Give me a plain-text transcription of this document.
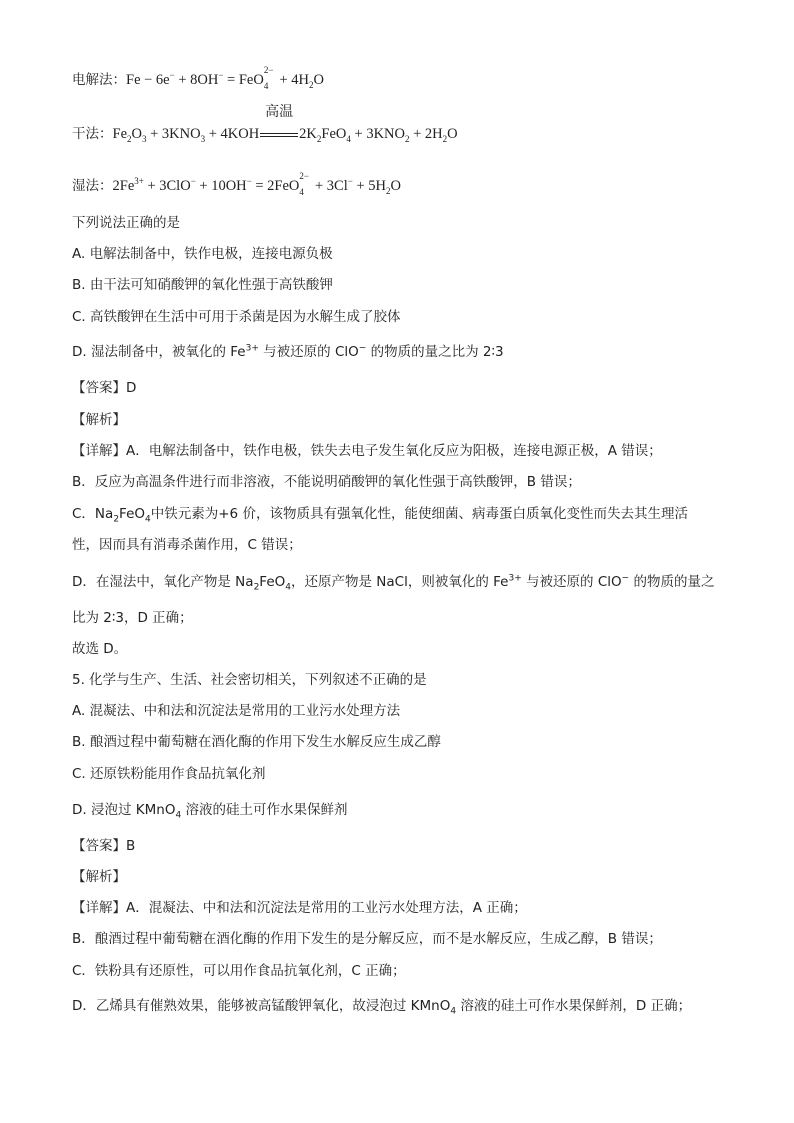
电解法：Fe − 6e− + 8OH− = FeO
2−
$4 + 4H_2O$
干法：$Fe_2O_3 + 3KNO_3 + 4KOH$
高温
$2K_2FeO_4 + 3KNO_2 + 2H_2O$
湿法：$2Fe^{3+} + 3ClO^- + 10OH^- = 2FeO$
2−
$4 + 3Cl^- + 5H_2O$
下列说法正确的是
A. 电解法制备中，铁作电极，连接电源负极
B. 由干法可知硝酸钾的氧化性强于高铁酸钾
C. 高铁酸钾在生活中可用于杀菌是因为水解生成了胶体
D. 湿法制备中，被氧化的 $Fe^{3+}$ 与被还原的 ClO− 的物质的量之比为 2∶3
【答案】D
【解析】
【详解】A．电解法制备中，铁作电极，铁失去电子发生氧化反应为阳极，连接电源正极，A 错误；
B．反应为高温条件进行而非溶液，不能说明硝酸钾的氧化性强于高铁酸钾，B 错误；
C．$Na_2FeO_4$中铁元素为+6 价，该物质具有强氧化性，能使细菌、病毒蛋白质氧化变性而失去其生理活
性，因而具有消毒杀菌作用，C 错误；
D．在湿法中，氧化产物是 $Na_2FeO_4$，还原产物是 NaCl，则被氧化的 $Fe^{3+}$ 与被还原的 ClO− 的物质的量之
比为 2∶3，D 正确；
故选 D。
5. 化学与生产、生活、社会密切相关，下列叙述不正确的是
A. 混凝法、中和法和沉淀法是常用的工业污水处理方法
B. 酿酒过程中葡萄糖在酒化酶的作用下发生水解反应生成乙醇
C. 还原铁粉能用作食品抗氧化剂
D. 浸泡过 KMnO$_4$ 溶液的硅土可作水果保鲜剂
【答案】B
【解析】
【详解】A．混凝法、中和法和沉淀法是常用的工业污水处理方法，A 正确；
B．酿酒过程中葡萄糖在酒化酶的作用下发生的是分解反应，而不是水解反应，生成乙醇，B 错误；
C．铁粉具有还原性，可以用作食品抗氧化剂，C 正确；
D．乙烯具有催熟效果，能够被高锰酸钾氧化，故浸泡过 KMnO$_4$ 溶液的硅土可作水果保鲜剂，D 正确；
